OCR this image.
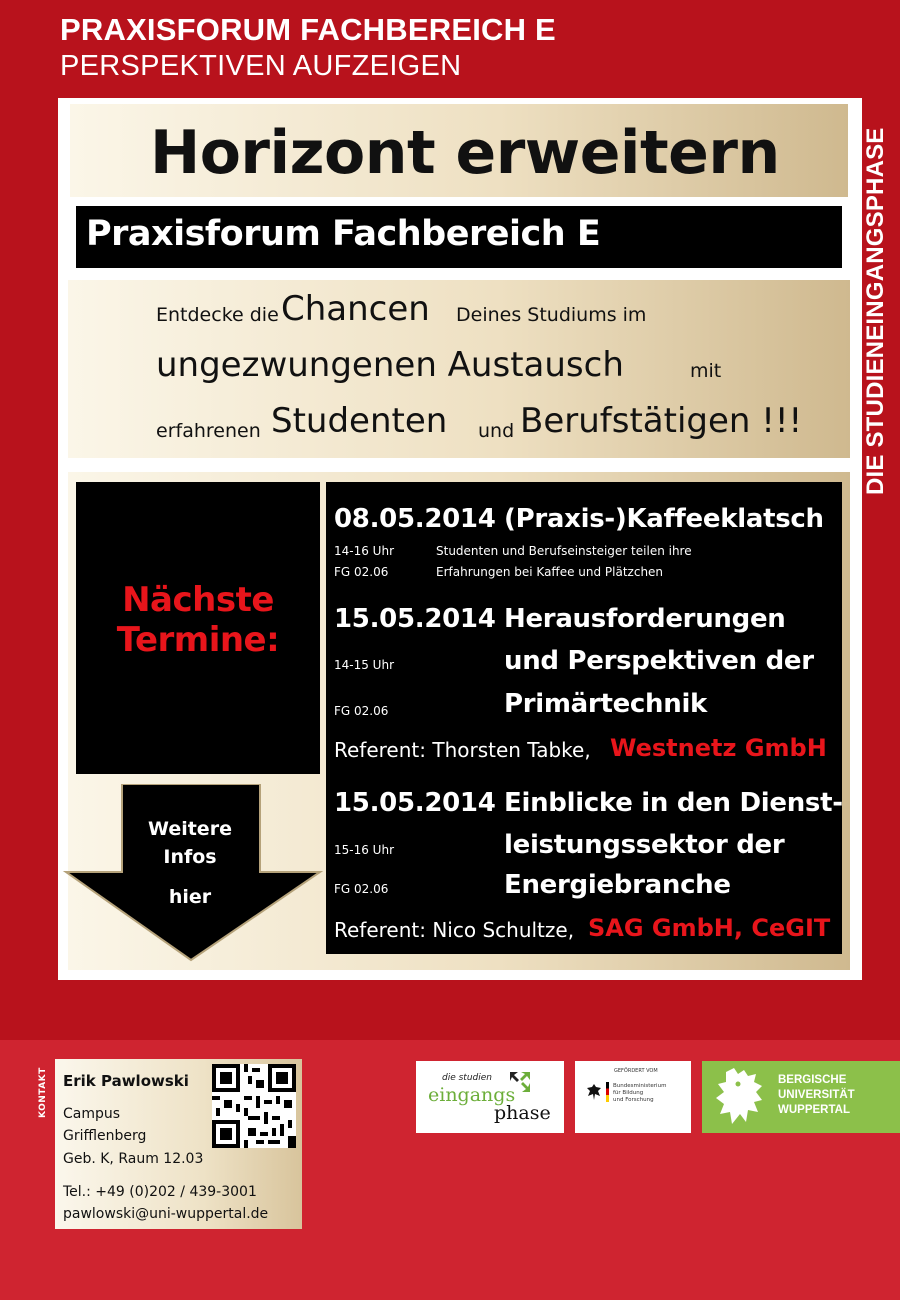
PRAXISFORUM FACHBEREICH E
PERSPEKTIVEN AUFZEIGEN
DIE STUDIENEINGANGSPHASE
Horizont erweitern
Praxisforum Fachbereich E
Entdecke die Chancen Deines Studiums im
ungezwungenen Austausch	mit
erfahrenen Studenten und Berufstätigen !!!
Nächste
Termine:
Weitere
Infos
hier
08.05.2014 (Praxis-)Kaffeeklatsch
14-16 Uhr
FG 02.06
Studenten und Berufseinsteiger teilen ihre
Erfahrungen bei Kaffee und Plätzchen
15.05.2014 Herausforderungen
und Perspektiven der
Primärtechnik
14-15 Uhr
FG 02.06
Referent: Thorsten Tabke, Westnetz GmbH
15.05.2014 Einblicke in den Dienst-
leistungssektor der
Energiebranche
15-16 Uhr
FG 02.06
Referent: Nico Schultze, SAG GmbH, CeGIT
KONTAKT Erik Pawlowski
Campus
Grifflenberg
Geb. K, Raum 12.03
Tel.: +49 (0)202 / 439-3001
pawlowski@uni-wuppertal.de
die studien
eingangs
phase
GEFÖRDERT VOM
Bundesministerium
für Bildung
und Forschung
BERGISCHE
UNIVERSITÄT
WUPPERTAL
